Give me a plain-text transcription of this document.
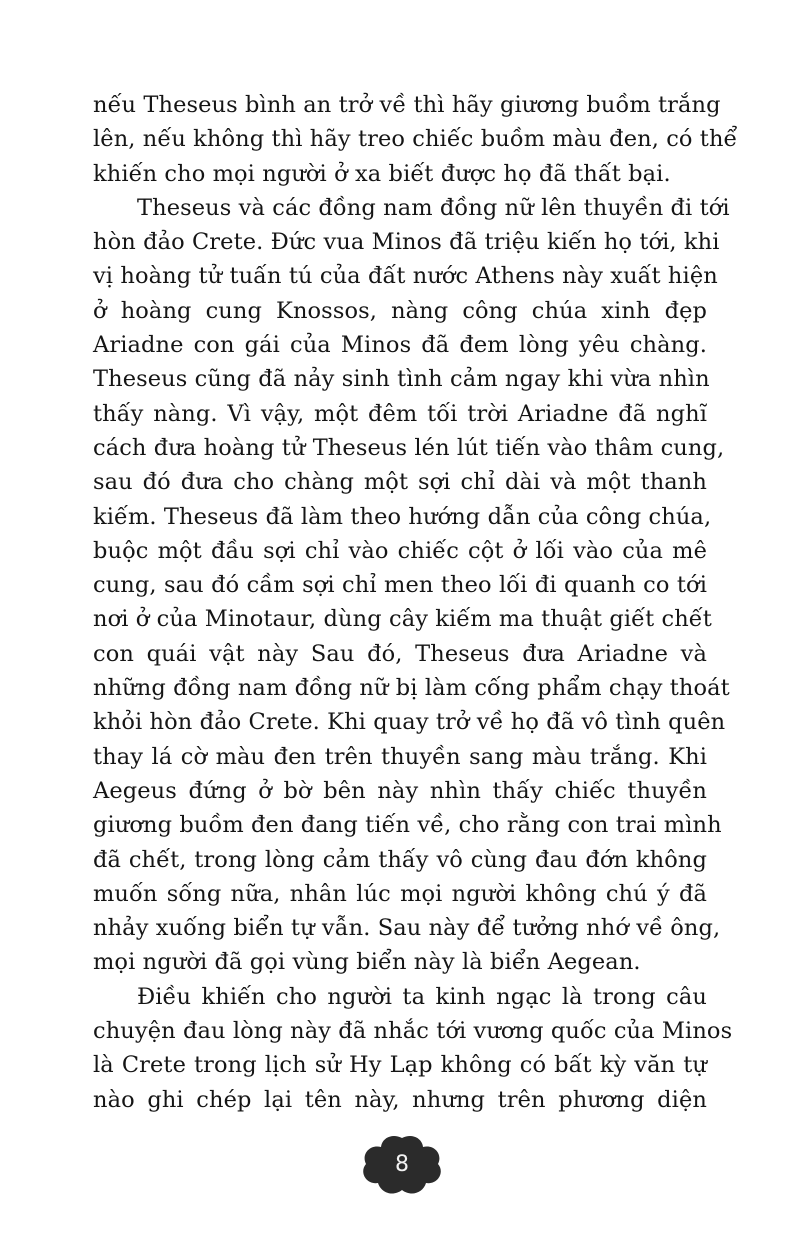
nếu Theseus bình an trở về thì hãy giương buồm trắng
lên, nếu không thì hãy treo chiếc buồm màu đen, có thể
khiến cho mọi người ở xa biết được họ đã thất bại.
Theseus và các đồng nam đồng nữ lên thuyền đi tới
hòn đảo Crete. Đức vua Minos đã triệu kiến họ tới, khi
vị hoàng tử tuấn tú của đất nước Athens này xuất hiện
ở hoàng cung Knossos, nàng công chúa xinh đẹp
Ariadne con gái của Minos đã đem lòng yêu chàng.
Theseus cũng đã nảy sinh tình cảm ngay khi vừa nhìn
thấy nàng. Vì vậy, một đêm tối trời Ariadne đã nghĩ
cách đưa hoàng tử Theseus lén lút tiến vào thâm cung,
sau đó đưa cho chàng một sợi chỉ dài và một thanh
kiếm. Theseus đã làm theo hướng dẫn của công chúa,
buộc một đầu sợi chỉ vào chiếc cột ở lối vào của mê
cung, sau đó cầm sợi chỉ men theo lối đi quanh co tới
nơi ở của Minotaur, dùng cây kiếm ma thuật giết chết
con quái vật này Sau đó, Theseus đưa Ariadne và
những đồng nam đồng nữ bị làm cống phẩm chạy thoát
khỏi hòn đảo Crete. Khi quay trở về họ đã vô tình quên
thay lá cờ màu đen trên thuyền sang màu trắng. Khi
Aegeus đứng ở bờ bên này nhìn thấy chiếc thuyền
giương buồm đen đang tiến về, cho rằng con trai mình
đã chết, trong lòng cảm thấy vô cùng đau đớn không
muốn sống nữa, nhân lúc mọi người không chú ý đã
nhảy xuống biển tự vẫn. Sau này để tưởng nhớ về ông,
mọi người đã gọi vùng biển này là biển Aegean.
Điều khiến cho người ta kinh ngạc là trong câu
chuyện đau lòng này đã nhắc tới vương quốc của Minos
là Crete trong lịch sử Hy Lạp không có bất kỳ văn tự
nào ghi chép lại tên này, nhưng trên phương diện
8
